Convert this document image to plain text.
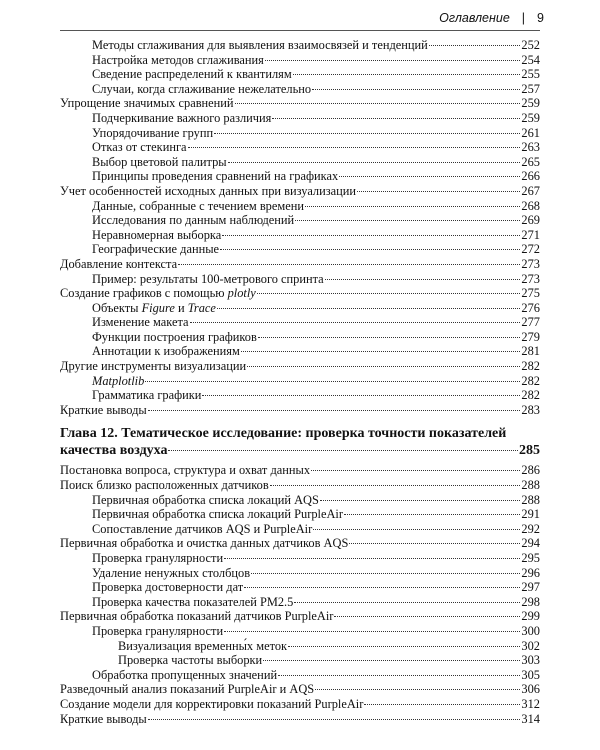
Оглавление | 9
Методы сглаживания для выявления взаимосвязей и тенденций	252
Настройка методов сглаживания	254
Сведение распределений к квантилям	255
Случаи, когда сглаживание нежелательно	257
Упрощение значимых сравнений	259
Подчеркивание важного различия	259
Упорядочивание групп	261
Отказ от стекинга	263
Выбор цветовой палитры	265
Принципы проведения сравнений на графиках	266
Учет особенностей исходных данных при визуализации	267
Данные, собранные с течением времени	268
Исследования по данным наблюдений	269
Неравномерная выборка	271
Географические данные	272
Добавление контекста	273
Пример: результаты 100-метрового спринта	273
Создание графиков с помощью plotly	275
Объекты Figure и Trace	276
Изменение макета	277
Функции построения графиков	279
Аннотации к изображениям	281
Другие инструменты визуализации	282
Matplotlib	282
Грамматика графики	282
Краткие выводы	283
Глава 12. Тематическое исследование: проверка точности показателей
качества воздуха	285
Постановка вопроса, структура и охват данных	286
Поиск близко расположенных датчиков	288
Первичная обработка списка локаций AQS	288
Первичная обработка списка локаций PurpleAir	291
Сопоставление датчиков AQS и PurpleAir	292
Первичная обработка и очистка данных датчиков AQS	294
Проверка гранулярности	295
Удаление ненужных столбцов	296
Проверка достоверности дат	297
Проверка качества показателей PM2.5	298
Первичная обработка показаний датчиков PurpleAir	299
Проверка гранулярности	300
Визуализация временны́х меток	302
Проверка частоты выборки	303
Обработка пропущенных значений	305
Разведочный анализ показаний PurpleAir и AQS	306
Создание модели для корректировки показаний PurpleAir	312
Краткие выводы	314
